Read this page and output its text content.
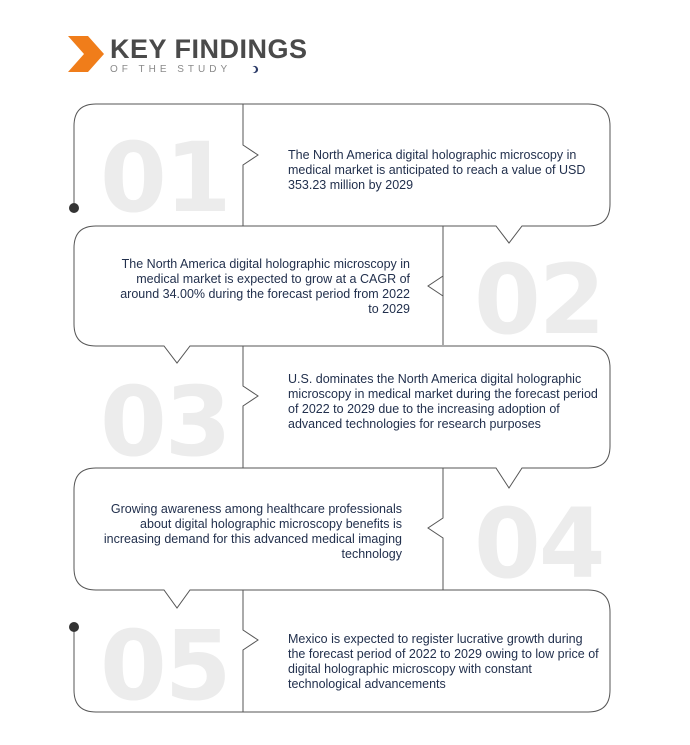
KEY FINDINGS
OF THE STUDY
01	The North America digital holographic microscopy in medical market is anticipated to reach a value of USD 353.23 million by 2029
02
The North America digital holographic microscopy in medical market is expected to grow at a CAGR of around 34.00% during the forecast period from 2022 to 2029
03	U.S. dominates the North America digital holographic microscopy in medical market during the forecast period of 2022 to 2029 due to the increasing adoption of advanced technologies for research purposes
04
Growing awareness among healthcare professionals about digital holographic microscopy benefits is increasing demand for this advanced medical imaging technology
05	Mexico is expected to register lucrative growth during the forecast period of 2022 to 2029 owing to low price of digital holographic microscopy with constant technological advancements
